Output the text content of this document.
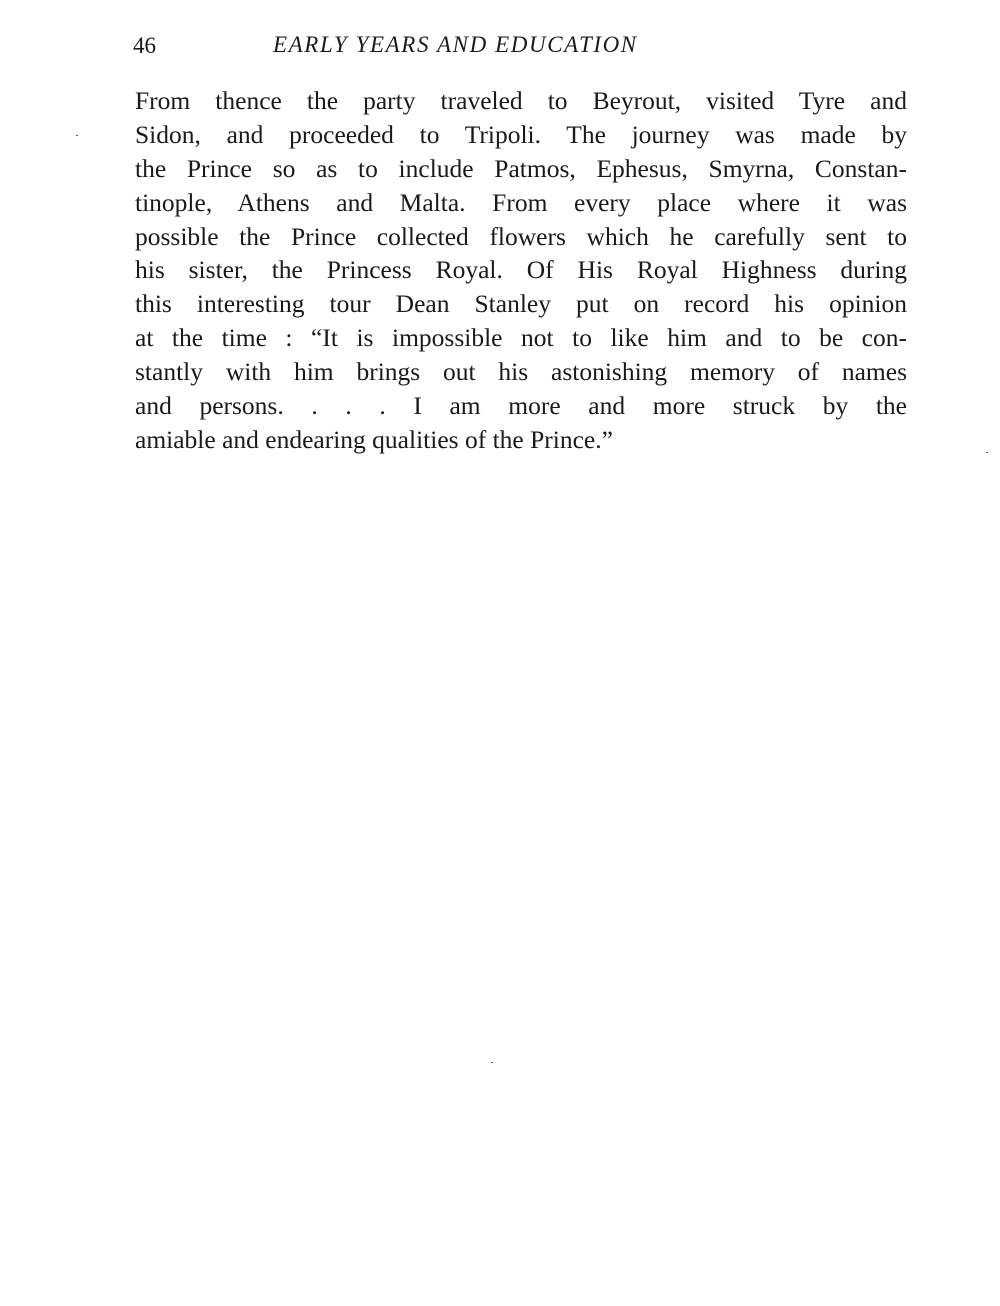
46	EARLY YEARS AND EDUCATION
From thence the party traveled to Beyrout, visited Tyre and
Sidon, and proceeded to Tripoli. The journey was made by
the Prince so as to include Patmos, Ephesus, Smyrna, Constan-
tinople, Athens and Malta. From every place where it was
possible the Prince collected flowers which he carefully sent to
his sister, the Princess Royal. Of His Royal Highness during
this interesting tour Dean Stanley put on record his opinion
at the time : “It is impossible not to like him and to be con-
stantly with him brings out his astonishing memory of names
and persons. . . . I am more and more struck by the
amiable and endearing qualities of the Prince.”
